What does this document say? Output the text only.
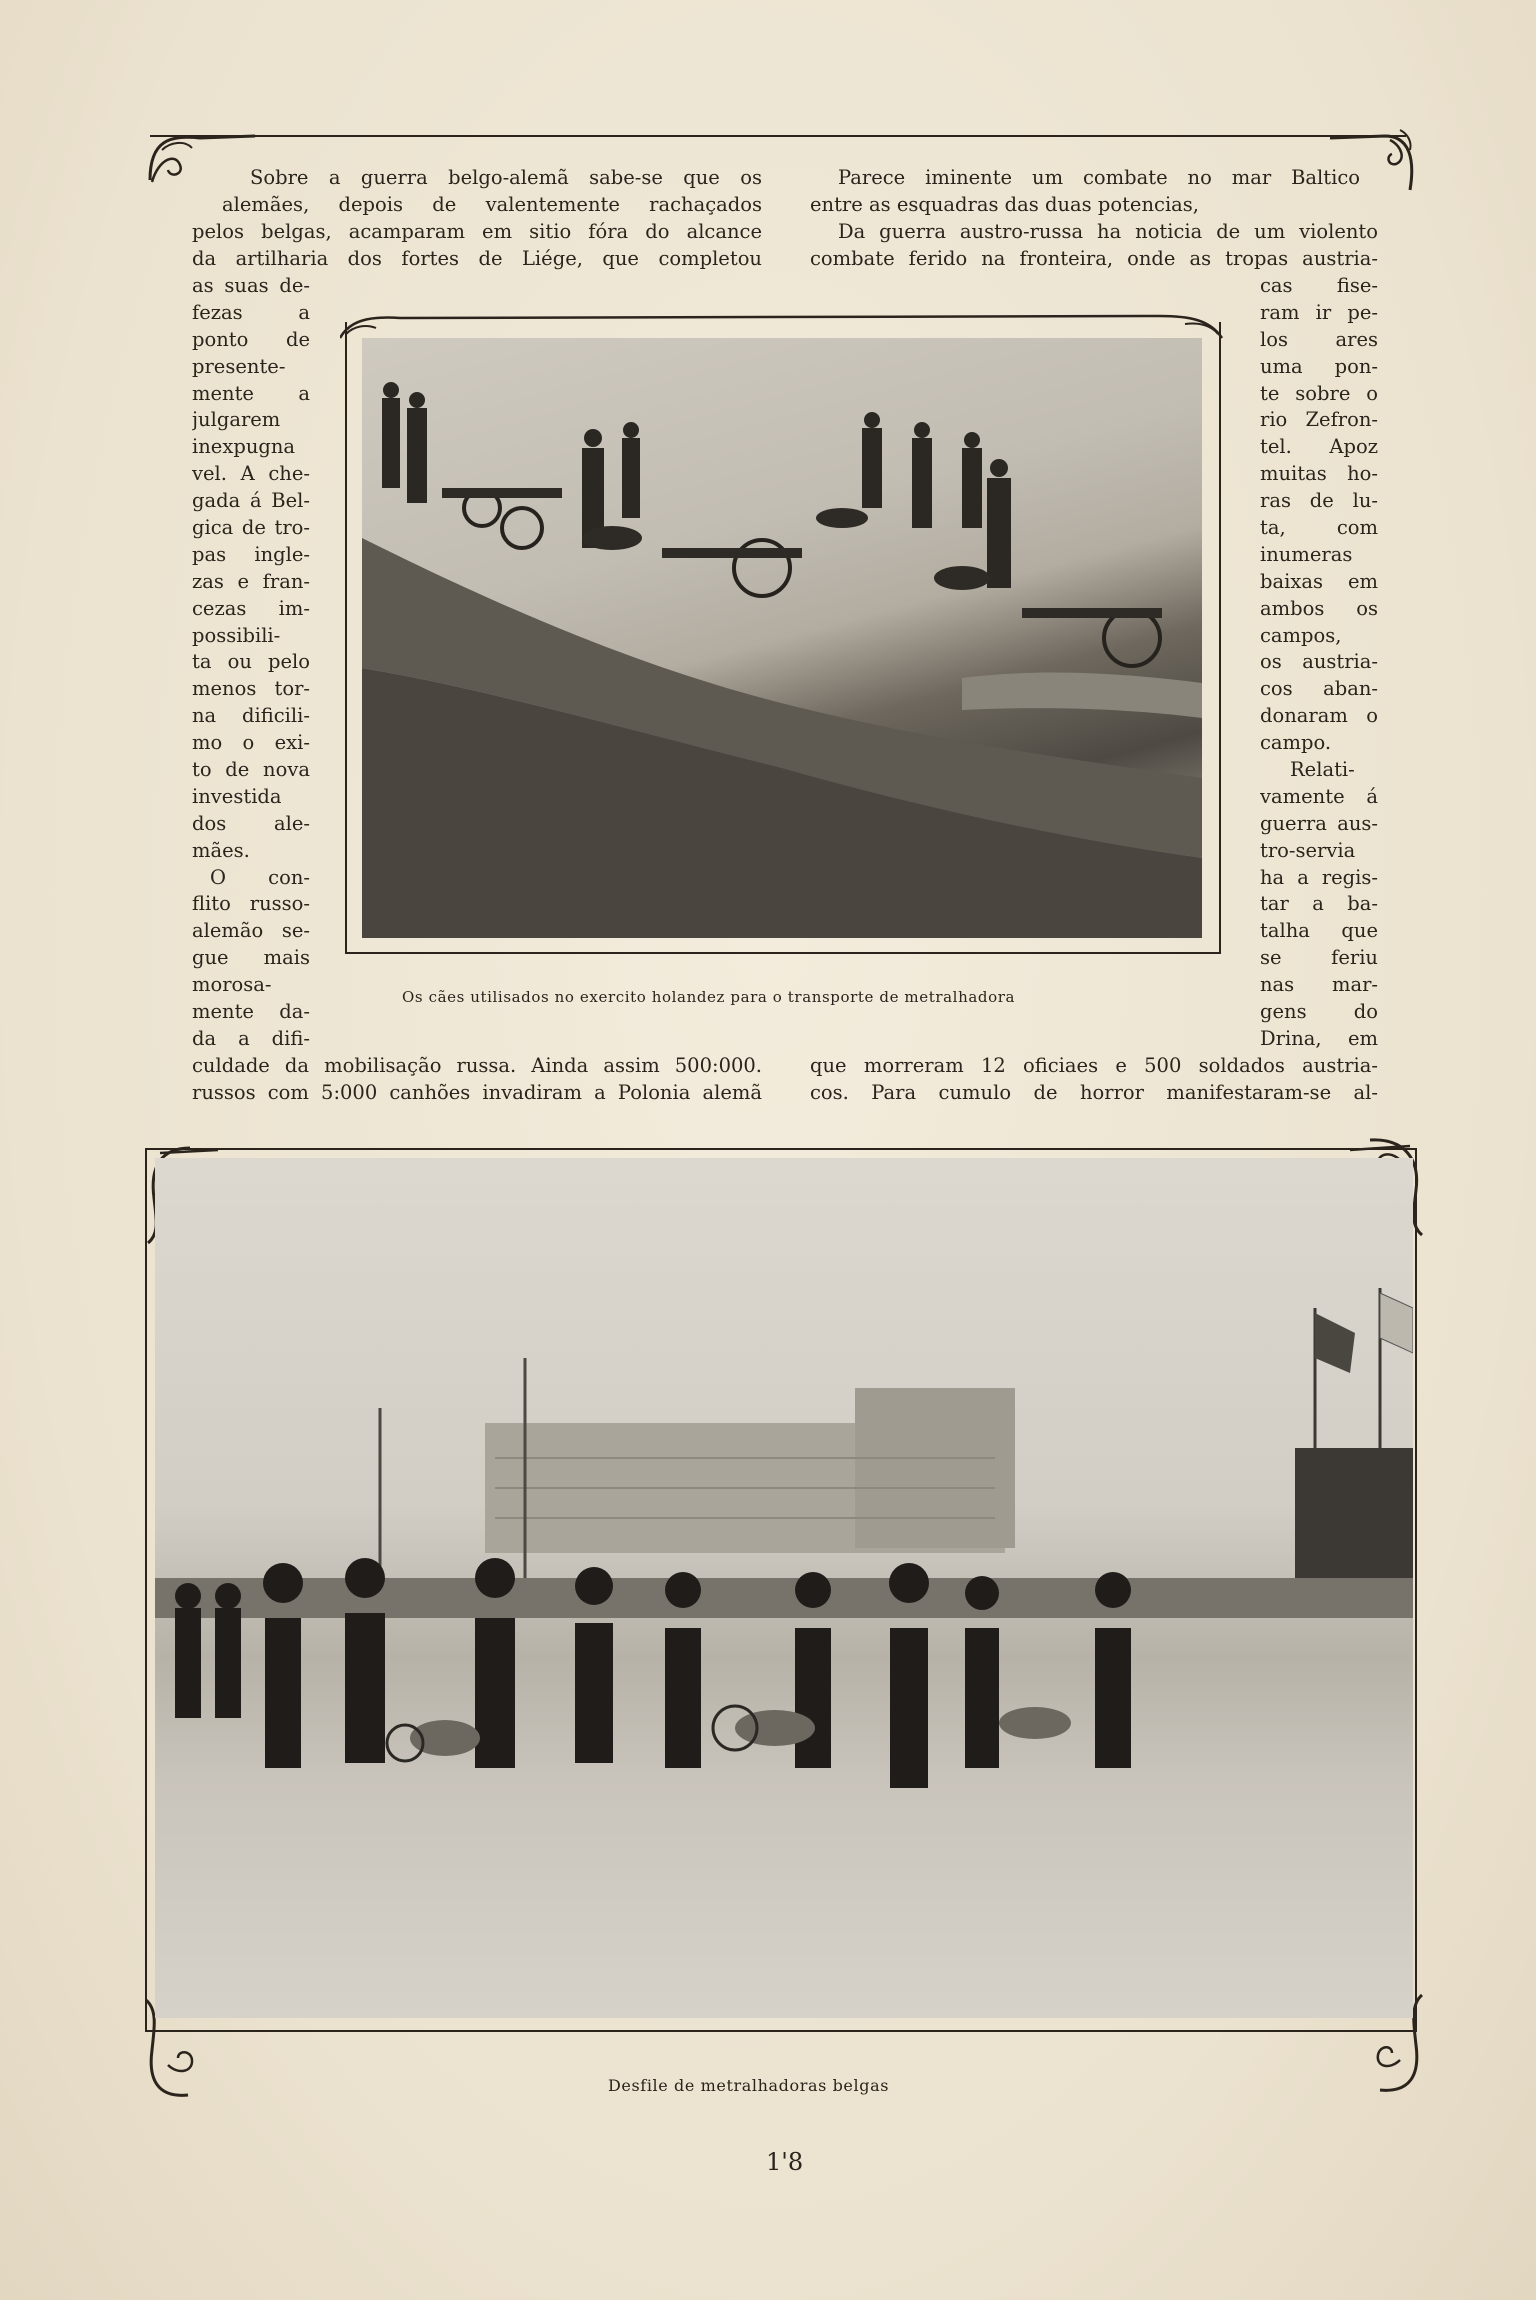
Sobre a guerra belgo-alemã sabe-se que os
alemães, depois de valentemente rachaçados
pelos belgas, acamparam em sitio fóra do alcance
da artilharia dos fortes de Liége, que completou
as suas de-
fezas a
ponto de
presente-
mente a
julgarem
inexpugna
vel. A che-
gada á Bel-
gica de tro-
pas ingle-
zas e fran-
cezas im-
possibili-
ta ou pelo
menos tor-
na dificili-
mo o exi-
to de nova
investida
dos ale-
mães.
O con-
flito russo-
alemão se-
gue mais
morosa-
mente da-
da a difi-
culdade da mobilisação russa. Ainda assim 500:000.
russos com 5:000 canhões invadiram a Polonia alemã
Parece iminente um combate no mar Baltico
entre as esquadras das duas potencias,
Da guerra austro-russa ha noticia de um violento
combate ferido na fronteira, onde as tropas austria-
cas fise-
ram ir pe-
los ares
uma pon-
te sobre o
rio Zefron-
tel. Apoz
muitas ho-
ras de lu-
ta, com
inumeras
baixas em
ambos os
campos,
os austria-
cos aban-
donaram o
campo.
Relati-
vamente á
guerra aus-
tro-servia
ha a regis-
tar a ba-
talha que
se feriu
nas mar-
gens do
Drina, em
que morreram 12 oficiaes e 500 soldados austria-
cos. Para cumulo de horror manifestaram-se al-
Os cães utilisados no exercito holandez para o transporte de metralhadora
Desfile de metralhadoras belgas
1'8
